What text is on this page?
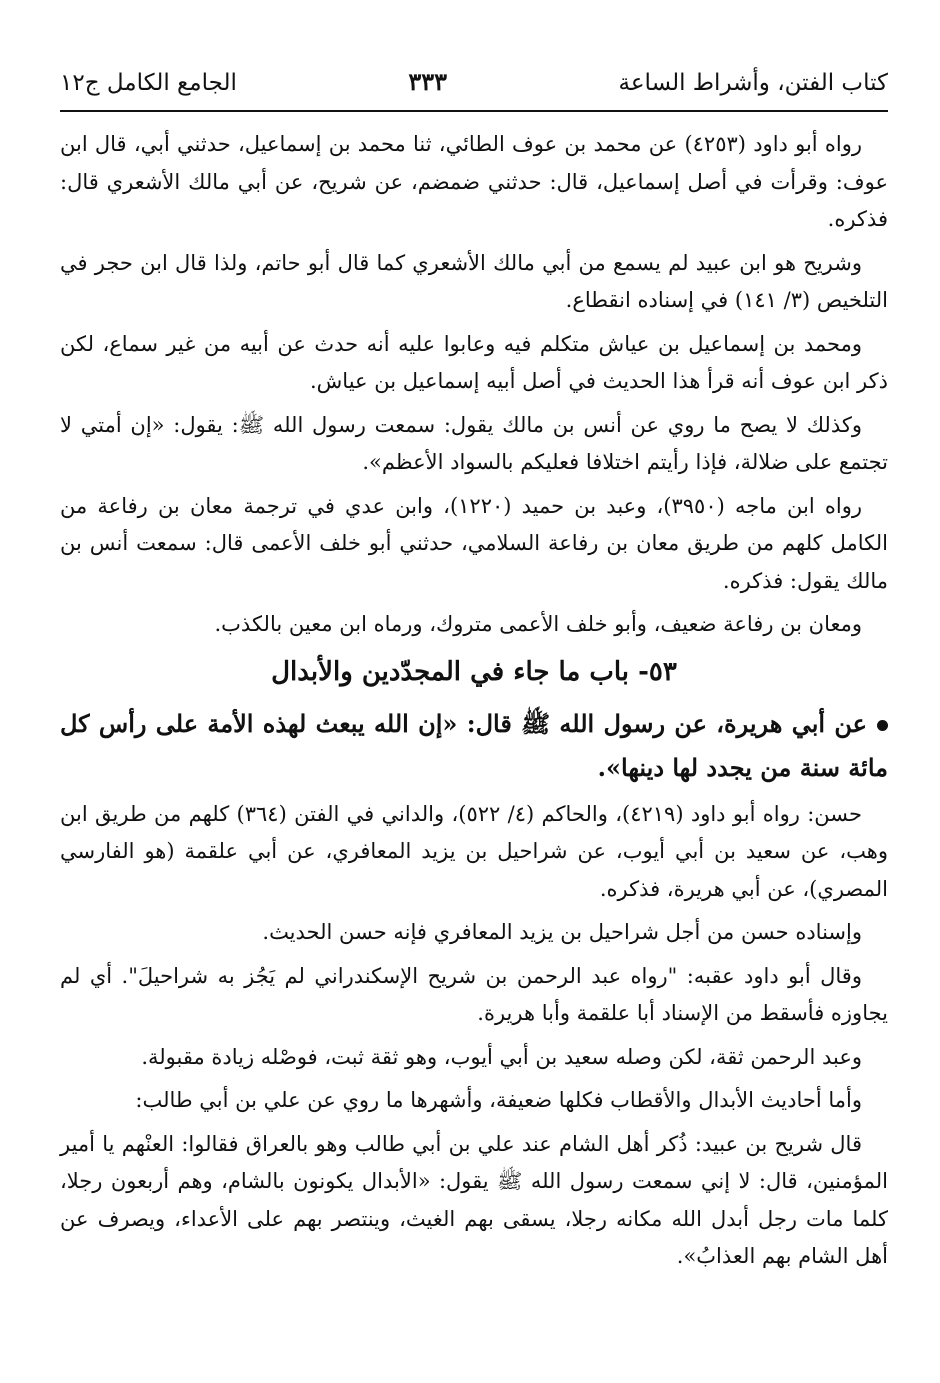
كتاب الفتن، وأشراط الساعة
٣٣٣
الجامع الكامل ج١٢

رواه أبو داود (٤٢٥٣) عن محمد بن عوف الطائي، ثنا محمد بن إسماعيل، حدثني أبي، قال ابن عوف: وقرأت في أصل إسماعيل، قال: حدثني ضمضم، عن شريح، عن أبي مالك الأشعري قال: فذكره.

وشريح هو ابن عبيد لم يسمع من أبي مالك الأشعري كما قال أبو حاتم، ولذا قال ابن حجر في التلخيص (٣/ ١٤١) في إسناده انقطاع.

ومحمد بن إسماعيل بن عياش متكلم فيه وعابوا عليه أنه حدث عن أبيه من غير سماع، لكن ذكر ابن عوف أنه قرأ هذا الحديث في أصل أبيه إسماعيل بن عياش.

وكذلك لا يصح ما روي عن أنس بن مالك يقول: سمعت رسول الله ﷺ: يقول: «إن أمتي لا تجتمع على ضلالة، فإذا رأيتم اختلافا فعليكم بالسواد الأعظم».

رواه ابن ماجه (٣٩٥٠)، وعبد بن حميد (١٢٢٠)، وابن عدي في ترجمة معان بن رفاعة من الكامل كلهم من طريق معان بن رفاعة السلامي، حدثني أبو خلف الأعمى قال: سمعت أنس بن مالك يقول: فذكره.

ومعان بن رفاعة ضعيف، وأبو خلف الأعمى متروك، ورماه ابن معين بالكذب.

٥٣- باب ما جاء في المجدّدين والأبدال

عن أبي هريرة، عن رسول الله ﷺ قال: «إن الله يبعث لهذه الأمة على رأس كل مائة سنة من يجدد لها دينها».

حسن: رواه أبو داود (٤٢١٩)، والحاكم (٤/ ٥٢٢)، والداني في الفتن (٣٦٤) كلهم من طريق ابن وهب، عن سعيد بن أبي أيوب، عن شراحيل بن يزيد المعافري، عن أبي علقمة (هو الفارسي المصري)، عن أبي هريرة، فذكره.

وإسناده حسن من أجل شراحيل بن يزيد المعافري فإنه حسن الحديث.

وقال أبو داود عقبه: "رواه عبد الرحمن بن شريح الإسكندراني لم يَجُز به شراحيلَ". أي لم يجاوزه فأسقط من الإسناد أبا علقمة وأبا هريرة.

وعبد الرحمن ثقة، لكن وصله سعيد بن أبي أيوب، وهو ثقة ثبت، فوصْله زيادة مقبولة.

وأما أحاديث الأبدال والأقطاب فكلها ضعيفة، وأشهرها ما روي عن علي بن أبي طالب:

قال شريح بن عبيد: ذُكر أهل الشام عند علي بن أبي طالب وهو بالعراق فقالوا: العنْهم يا أمير المؤمنين، قال: لا إني سمعت رسول الله ﷺ يقول: «الأبدال يكونون بالشام، وهم أربعون رجلا، كلما مات رجل أبدل الله مكانه رجلا، يسقى بهم الغيث، وينتصر بهم على الأعداء، ويصرف عن أهل الشام بهم العذابُ».
